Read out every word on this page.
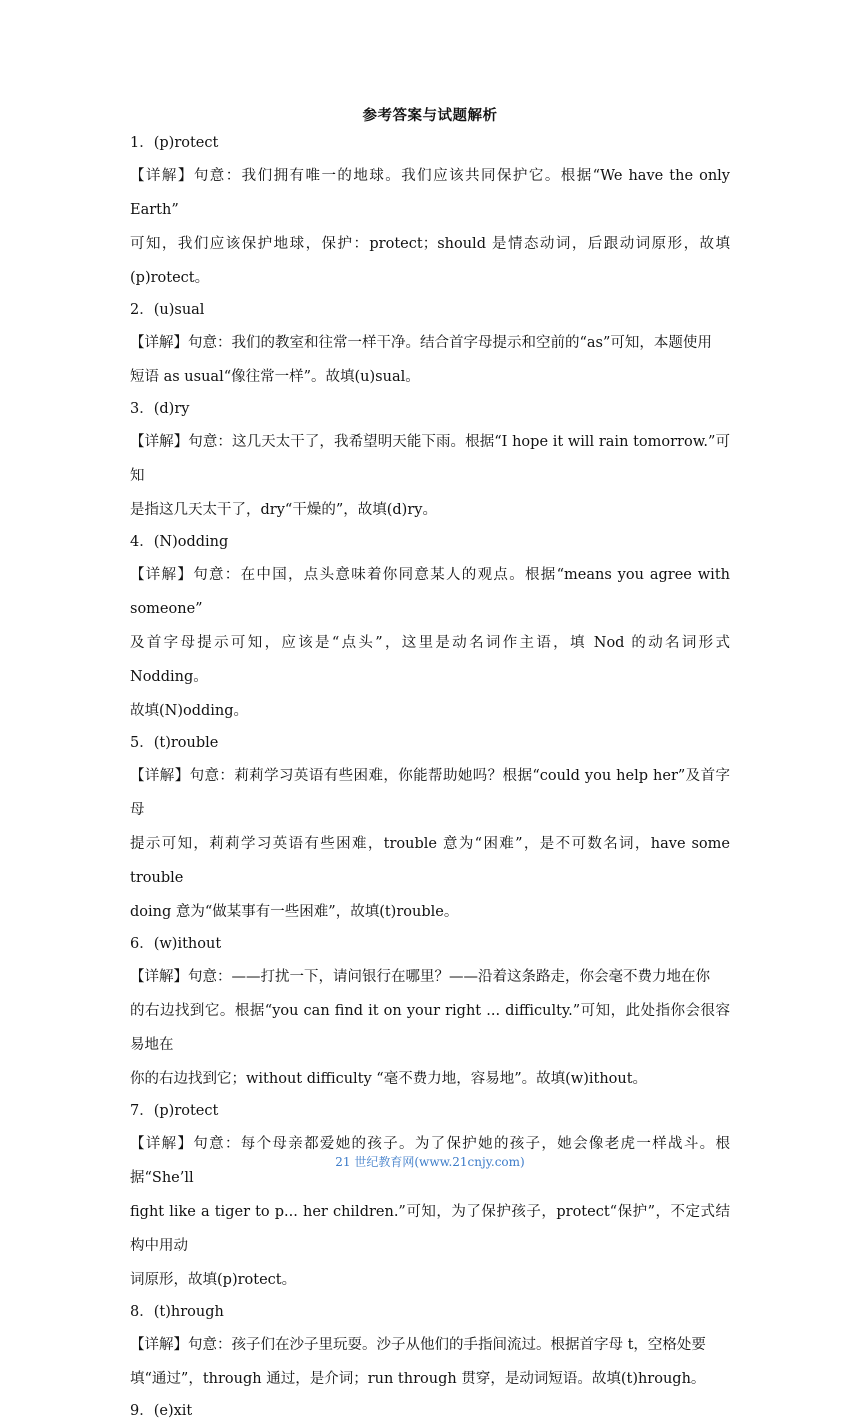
参考答案与试题解析

1．(p)rotect

【详解】句意：我们拥有唯一的地球。我们应该共同保护它。根据“We have the only Earth”

可知，我们应该保护地球，保护：protect；should 是情态动词，后跟动词原形，故填(p)rotect。

2．(u)sual

【详解】句意：我们的教室和往常一样干净。结合首字母提示和空前的“as”可知，本题使用

短语 as usual“像往常一样”。故填(u)sual。

3．(d)ry

【详解】句意：这几天太干了，我希望明天能下雨。根据“I hope it will rain tomorrow.”可知

是指这几天太干了，dry“干燥的”，故填(d)ry。

4．(N)odding

【详解】句意：在中国，点头意味着你同意某人的观点。根据“means you agree with someone”

及首字母提示可知，应该是“点头”，这里是动名词作主语，填 Nod 的动名词形式 Nodding。

故填(N)odding。

5．(t)rouble

【详解】句意：莉莉学习英语有些困难，你能帮助她吗？根据“could you help her”及首字母

提示可知，莉莉学习英语有些困难，trouble 意为“困难”，是不可数名词，have some trouble

doing 意为“做某事有一些困难”，故填(t)rouble。

6．(w)ithout

【详解】句意：——打扰一下，请问银行在哪里？——沿着这条路走，你会毫不费力地在你

的右边找到它。根据“you can find it on your right ... difficulty.”可知，此处指你会很容易地在

你的右边找到它；without difficulty “毫不费力地，容易地”。故填(w)ithout。

7．(p)rotect

【详解】句意：每个母亲都爱她的孩子。为了保护她的孩子，她会像老虎一样战斗。根据“She’ll

fight like a tiger to p... her children.”可知，为了保护孩子，protect“保护”，不定式结构中用动

词原形，故填(p)rotect。

8．(t)hrough

【详解】句意：孩子们在沙子里玩耍。沙子从他们的手指间流过。根据首字母 t，空格处要

填“通过”，through 通过，是介词；run through 贯穿，是动词短语。故填(t)hrough。

9．(e)xit

21 世纪教育网(www.21cnjy.com)
